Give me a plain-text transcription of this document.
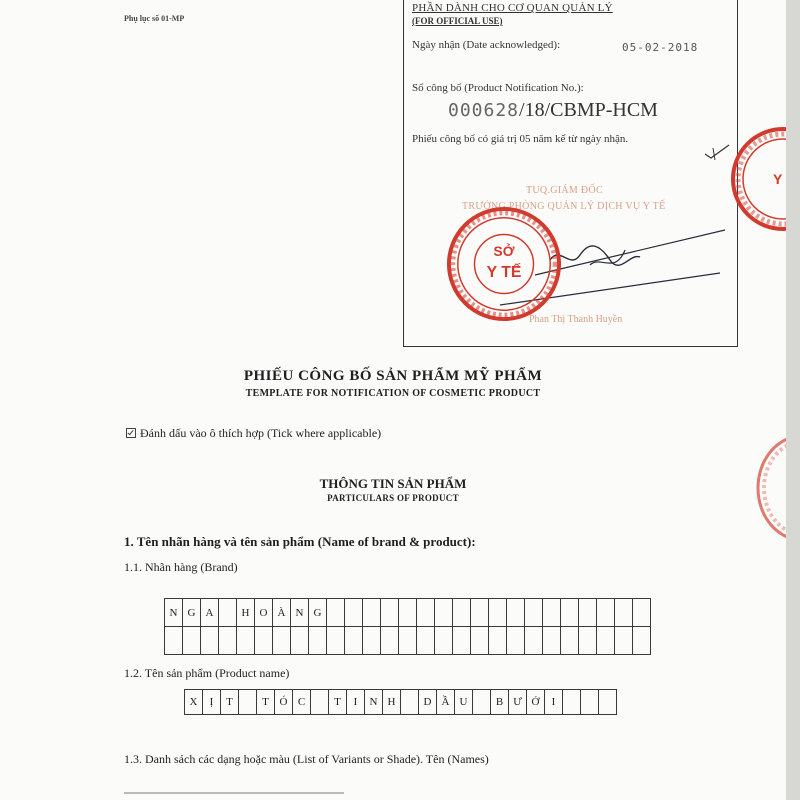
Phụ lục số 01-MP
PHẦN DÀNH CHO CƠ QUAN QUẢN LÝ
(FOR OFFICIAL USE)
Ngày nhận (Date acknowledged):	05-02-2018
Số công bố (Product Notification No.):
000628/18/CBMP-HCM
Phiếu công bố có giá trị 05 năm kể từ ngày nhận.
TUQ.GIÁM ĐỐC
TRƯỞNG PHÒNG QUẢN LÝ DỊCH VỤ Y TẾ
Phan Thị Thanh Huyền
SỞ
Y TẾ
Y
PHIẾU CÔNG BỐ SẢN PHẨM MỸ PHẨM
TEMPLATE FOR NOTIFICATION OF COSMETIC PRODUCT
Đánh dấu vào ô thích hợp (Tick where applicable)
THÔNG TIN SẢN PHẨM
PARTICULARS OF PRODUCT
1. Tên nhãn hàng và tên sản phẩm (Name of brand & product):
1.1. Nhãn hàng (Brand)
N	G	A		H	O	À	N	G																		

1.2. Tên sản phẩm (Product name)
X	Ị	T		T	Ó	C		T	I	N	H		D	Ầ	U		B	Ư	Ở	I			
1.3. Danh sách các dạng hoặc màu (List of Variants or Shade). Tên (Names)
